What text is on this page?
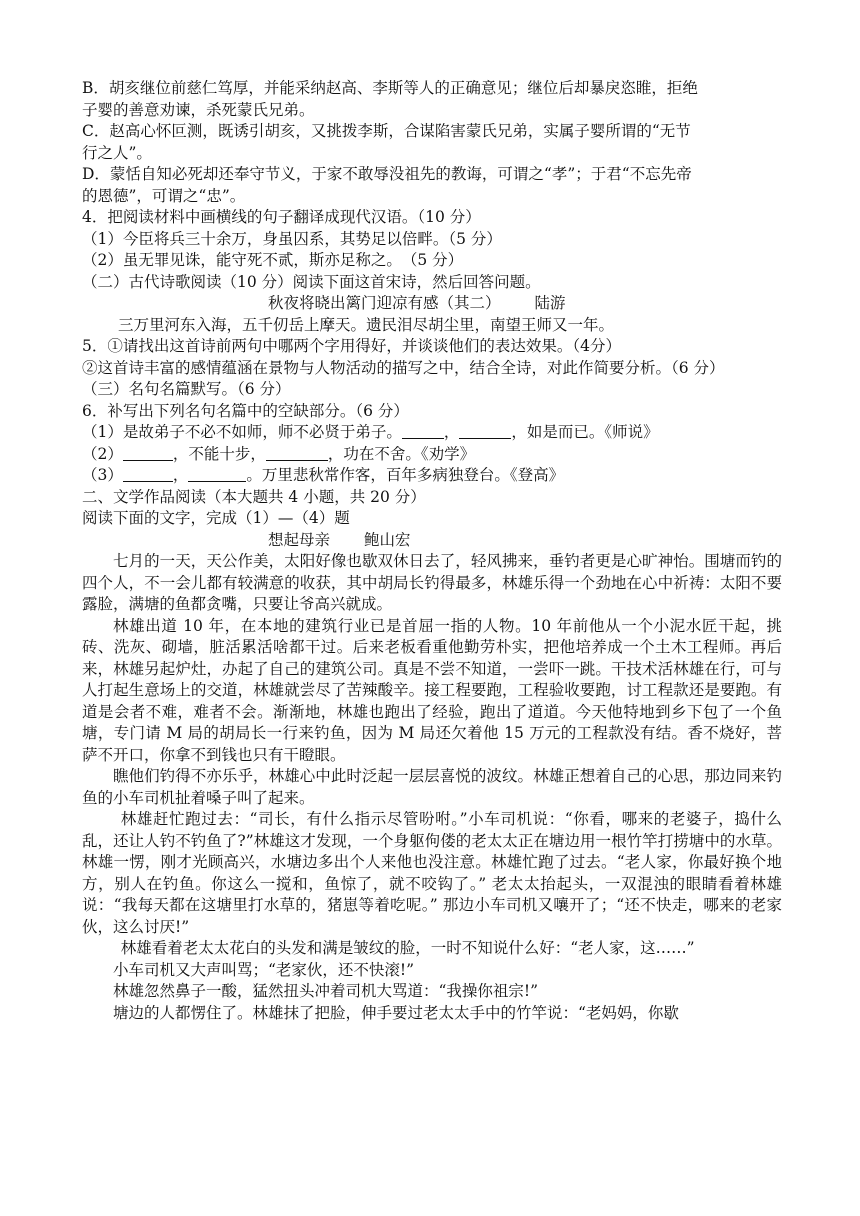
B．胡亥继位前慈仁笃厚，并能采纳赵高、李斯等人的正确意见；继位后却暴戾恣睢，拒绝

子婴的善意劝谏，杀死蒙氏兄弟。

C．赵高心怀叵测，既诱引胡亥，又挑拨李斯，合谋陷害蒙氏兄弟，实属子婴所谓的“无节

行之人”。

D．蒙恬自知必死却还奉守节义，于家不敢辱没祖先的教诲，可谓之“孝”；于君“不忘先帝

的恩德”，可谓之“忠”。

4．把阅读材料中画横线的句子翻译成现代汉语。（10 分）

（1）今臣将兵三十余万，身虽囚系，其势足以倍畔。（5 分）

（2）虽无罪见诛，能守死不贰，斯亦足称之。　（5 分）

（二）古代诗歌阅读（10 分）阅读下面这首宋诗，然后回答问题。

秋夜将晓出篱门迎凉有感（其二） 陆游

三万里河东入海，五千仞岳上摩天。遗民泪尽胡尘里，南望王师又一年。

5．①请找出这首诗前两句中哪两个字用得好，并谈谈他们的表达效果。（4分）

②这首诗丰富的感情蕴涵在景物与人物活动的描写之中，结合全诗，对此作简要分析。（6 分）

（三）名句名篇默写。（6 分）

6．补写出下列名句名篇中的空缺部分。（6 分）

（1）是故弟子不必不如师，师不必贤于弟子。	，	，如是而已。《师说》

（2）	，不能十步，	，功在不舍。《劝学》

（3）	，	。万里悲秋常作客，百年多病独登台。《登高》

二、文学作品阅读（本大题共 4 小题，共 20 分）

阅读下面的文字，完成（1）—（4）题

想起母亲 鲍山宏

七月的一天，天公作美，太阳好像也歇双休日去了，轻风拂来，垂钓者更是心旷神怡。围塘而钓的四个人，不一会儿都有较满意的收获，其中胡局长钓得最多，林雄乐得一个劲地在心中祈祷：太阳不要露脸，满塘的鱼都贪嘴，只要让爷高兴就成。

林雄出道 10 年，在本地的建筑行业已是首屈一指的人物。10 年前他从一个小泥水匠干起，挑砖、洗灰、砌墙，脏活累活啥都干过。后来老板看重他勤劳朴实，把他培养成一个土木工程师。再后来，林雄另起炉灶，办起了自己的建筑公司。真是不尝不知道，一尝吓一跳。干技术活林雄在行，可与人打起生意场上的交道，林雄就尝尽了苦辣酸辛。接工程要跑，工程验收要跑，讨工程款还是要跑。有道是会者不难，难者不会。渐渐地，林雄也跑出了经验，跑出了道道。今天他特地到乡下包了一个鱼塘，专门请 M 局的胡局长一行来钓鱼，因为 M 局还欠着他 15 万元的工程款没有结。香不烧好，菩萨不开口，你拿不到钱也只有干瞪眼。

瞧他们钓得不亦乐乎，林雄心中此时泛起一层层喜悦的波纹。林雄正想着自己的心思，那边同来钓鱼的小车司机扯着嗓子叫了起来。

林雄赶忙跑过去：“司长，有什么指示尽管吩咐。”小车司机说：“你看，哪来的老婆子，捣什么乱，还让人钓不钓鱼了?”林雄这才发现，一个身躯佝偻的老太太正在塘边用一根竹竿打捞塘中的水草。林雄一愣，刚才光顾高兴，水塘边多出个人来他也没注意。林雄忙跑了过去。“老人家，你最好换个地方，别人在钓鱼。你这么一搅和，鱼惊了，就不咬钩了。” 老太太抬起头，一双混浊的眼睛看着林雄说：“我每天都在这塘里打水草的，猪崽等着吃呢。” 那边小车司机又嚷开了；“还不快走，哪来的老家伙，这么讨厌!”

林雄看着老太太花白的头发和满是皱纹的脸，一时不知说什么好：“老人家，这……”

小车司机又大声叫骂；“老家伙，还不快滚!”

林雄忽然鼻子一酸，猛然扭头冲着司机大骂道：“我操你祖宗!”

塘边的人都愣住了。林雄抹了把脸，伸手要过老太太手中的竹竿说：“老妈妈，你歇
